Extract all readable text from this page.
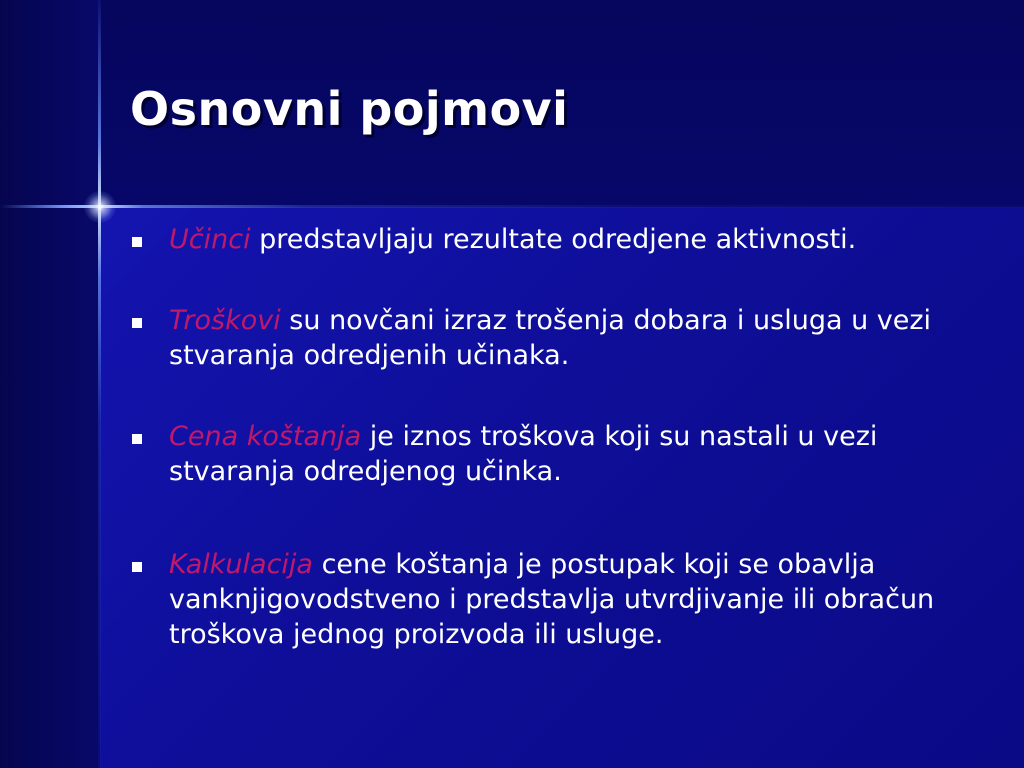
Osnovni pojmovi
Učinci predstavljaju rezultate odredjene aktivnosti.
Troškovi su novčani izraz trošenja dobara i usluga u vezi stvaranja odredjenih učinaka.
Cena koštanja je iznos troškova koji su nastali u vezi stvaranja odredjenog učinka.
Kalkulacija cene koštanja je postupak koji se obavlja vanknjigovodstveno i predstavlja utvrdjivanje ili obračun troškova jednog proizvoda ili usluge.
